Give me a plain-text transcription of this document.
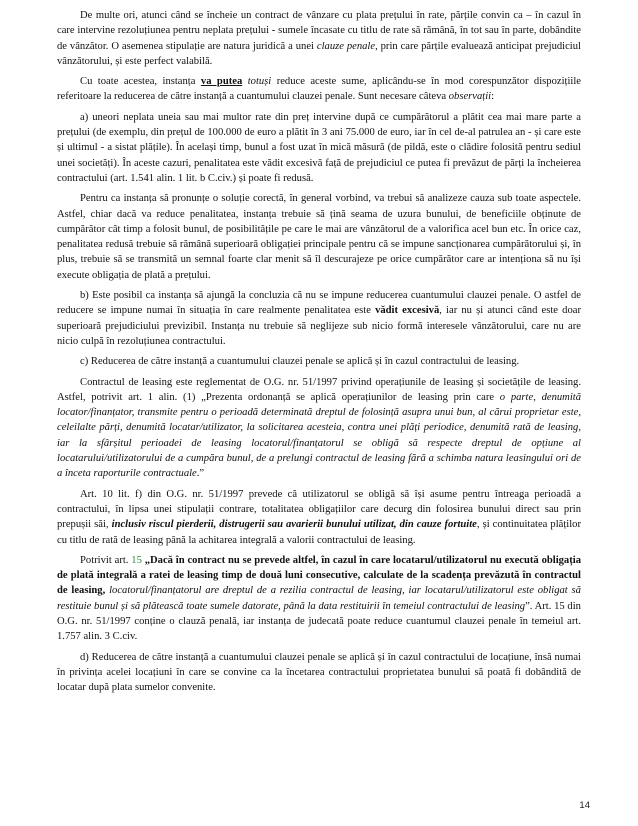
De multe ori, atunci când se încheie un contract de vânzare cu plata prețului în rate, părțile convin ca – în cazul în care intervine rezoluțiunea pentru neplata prețului - sumele încasate cu titlu de rate să rămână, în tot sau în parte, dobândite de vânzător. O asemenea stipulație are natura juridică a unei clauze penale, prin care părțile evaluează anticipat prejudiciul vânzătorului, și este perfect valabilă.

Cu toate acestea, instanța va putea totuși reduce aceste sume, aplicându-se în mod corespunzător dispozițiile referitoare la reducerea de către instanță a cuantumului clauzei penale. Sunt necesare câteva observații:

a) uneori neplata uneia sau mai multor rate din preț intervine după ce cumpărătorul a plătit cea mai mare parte a prețului (de exemplu, din prețul de 100.000 de euro a plătit în 3 ani 75.000 de euro, iar în cel de-al patrulea an - și care este și ultimul - a sistat plățile). În același timp, bunul a fost uzat în mică măsură (de pildă, este o clădire folosită pentru sediul unei societăți). În aceste cazuri, penalitatea este vădit excesivă față de prejudiciul ce putea fi prevăzut de părți la încheierea contractului (art. 1.541 alin. 1 lit. b C.civ.) și poate fi redusă.

Pentru ca instanța să pronunțe o soluție corectă, în general vorbind, va trebui să analizeze cauza sub toate aspectele. Astfel, chiar dacă va reduce penalitatea, instanța trebuie să țină seama de uzura bunului, de beneficiile obținute de cumpărător cât timp a folosit bunul, de posibilitățile pe care le mai are vânzătorul de a valorifica acel bun etc. În orice caz, penalitatea redusă trebuie să rămână superioară obligației principale pentru că se impune sancționarea cumpărătorului și, în plus, trebuie să se transmită un semnal foarte clar menit să îl descurajeze pe orice cumpărător care ar intenționa să nu își execute obligația de plată a prețului.

b) Este posibil ca instanța să ajungă la concluzia că nu se impune reducerea cuantumului clauzei penale. O astfel de reducere se impune numai în situația în care realmente penalitatea este vădit excesivă, iar nu și atunci când este doar superioară prejudiciului previzibil. Instanța nu trebuie să neglijeze sub nicio formă interesele vânzătorului, care nu are nicio culpă în rezoluțiunea contractului.

c) Reducerea de către instanță a cuantumului clauzei penale se aplică și în cazul contractului de leasing.

Contractul de leasing este reglementat de O.G. nr. 51/1997 privind operațiunile de leasing și societățile de leasing. Astfel, potrivit art. 1 alin. (1) „Prezenta ordonanță se aplică operațiunilor de leasing prin care o parte, denumită locator/finanțator, transmite pentru o perioadă determinată dreptul de folosință asupra unui bun, al cărui proprietar este, celeilalte părți, denumită locatar/utilizator, la solicitarea acesteia, contra unei plăți periodice, denumită rată de leasing, iar la sfârșitul perioadei de leasing locatorul/finanțatorul se obligă să respecte dreptul de opțiune al locatarului/utilizatorului de a cumpăra bunul, de a prelungi contractul de leasing fără a schimba natura leasingului ori de a înceta raporturile contractuale.”

Art. 10 lit. f) din O.G. nr. 51/1997 prevede că utilizatorul se obligă să își asume pentru întreaga perioadă a contractului, în lipsa unei stipulații contrare, totalitatea obligațiilor care decurg din folosirea bunului direct sau prin prepușii săi, inclusiv riscul pierderii, distrugerii sau avarierii bunului utilizat, din cauze fortuite, și continuitatea plăților cu titlu de rată de leasing până la achitarea integrală a valorii contractului de leasing.

Potrivit art. 15 „Dacă în contract nu se prevede altfel, în cazul în care locatarul/utilizatorul nu execută obligația de plată integrală a ratei de leasing timp de două luni consecutive, calculate de la scadența prevăzută în contractul de leasing, locatorul/finanțatorul are dreptul de a rezilia contractul de leasing, iar locatarul/utilizatorul este obligat să restituie bunul și să plătească toate sumele datorate, până la data restituirii în temeiul contractului de leasing”. Art. 15 din O.G. nr. 51/1997 conține o clauză penală, iar instanța de judecată poate reduce cuantumul clauzei penale în temeiul art. 1.757 alin. 3 C.civ.

d) Reducerea de către instanță a cuantumului clauzei penale se aplică și în cazul contractului de locațiune, însă numai în privința acelei locațiuni în care se convine ca la încetarea contractului proprietatea bunului să poată fi dobândită de locatar după plata sumelor convenite.

14
